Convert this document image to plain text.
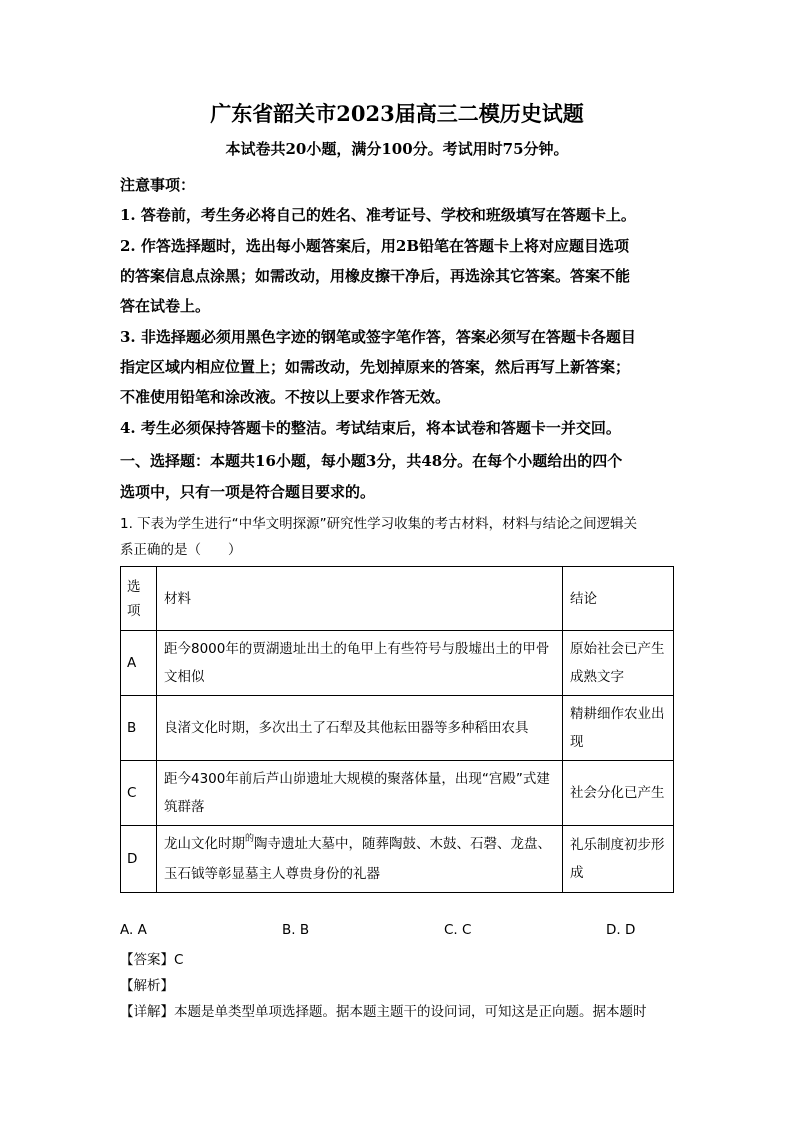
广东省韶关市2023届高三二模历史试题
本试卷共20小题，满分100分。考试用时75分钟。
注意事项：
1. 答卷前，考生务必将自己的姓名、准考证号、学校和班级填写在答题卡上。
2. 作答选择题时，选出每小题答案后，用2B铅笔在答题卡上将对应题目选项
的答案信息点涂黑；如需改动，用橡皮擦干净后，再选涂其它答案。答案不能
答在试卷上。
3. 非选择题必须用黑色字迹的钢笔或签字笔作答，答案必须写在答题卡各题目
指定区域内相应位置上；如需改动，先划掉原来的答案，然后再写上新答案；
不准使用铅笔和涂改液。不按以上要求作答无效。
4. 考生必须保持答题卡的整洁。考试结束后，将本试卷和答题卡一并交回。
一、选择题：本题共16小题，每小题3分，共48分。在每个小题给出的四个
选项中，只有一项是符合题目要求的。
1. 下表为学生进行“中华文明探源”研究性学习收集的考古材料，材料与结论之间逻辑关
系正确的是（　　）
选项	材料	结论
A	距今8000年的贾湖遗址出土的龟甲上有些符号与殷墟出土的甲骨文相似	原始社会已产生成熟文字
B	良渚文化时期，多次出土了石犁及其他耘田器等多种稻田农具	精耕细作农业出现
C	距今4300年前后芦山峁遗址大规模的聚落体量，出现“宫殿”式建筑群落	社会分化已产生
D	龙山文化时期$^的$陶寺遗址大墓中，随葬陶鼓、木鼓、石磬、龙盘、玉石钺等彰显墓主人尊贵身份的礼器	礼乐制度初步形成
A. A	B. B	C. C	D. D
【答案】C
【解析】
【详解】本题是单类型单项选择题。据本题主题干的设问词，可知这是正向题。据本题时
